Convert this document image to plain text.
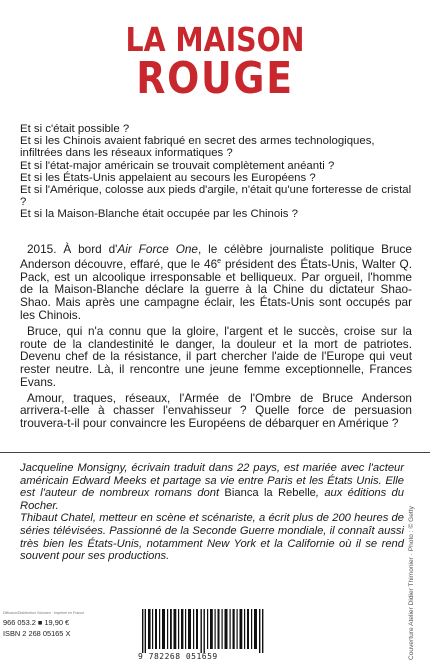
LA MAISON
ROUGE
Et si c'était possible ?
Et si les Chinois avaient fabriqué en secret des armes technologiques, infiltrées dans les réseaux informatiques ?
Et si l'état-major américain se trouvait complètement anéanti ?
Et si les États-Unis appelaient au secours les Européens ?
Et si l'Amérique, colosse aux pieds d'argile, n'était qu'une forteresse de cristal ?
Et si la Maison-Blanche était occupée par les Chinois ?

2015. À bord d'Air Force One, le célèbre journaliste politique Bruce Anderson découvre, effaré, que le 46e président des États-Unis, Walter Q. Pack, est un alcoolique irresponsable et belliqueux. Par orgueil, l'homme de la Maison-Blanche déclare la guerre à la Chine du dictateur Shao-Shao. Mais après une campagne éclair, les États-Unis sont occupés par les Chinois.

Bruce, qui n'a connu que la gloire, l'argent et le succès, croise sur la route de la clandestinité le danger, la douleur et la mort de patriotes. Devenu chef de la résistance, il part chercher l'aide de l'Europe qui veut rester neutre. Là, il rencontre une jeune femme exceptionnelle, Frances Evans.

Amour, traques, réseaux, l'Armée de l'Ombre de Bruce Anderson arrivera-t-elle à chasser l'envahisseur ? Quelle force de persuasion trouvera-t-il pour convaincre les Européens de débarquer en Amérique ?

Jacqueline Monsigny, écrivain traduit dans 22 pays, est mariée avec l'acteur américain Edward Meeks et partage sa vie entre Paris et les États Unis. Elle est l'auteur de nombreux romans dont Bianca la Rebelle, aux éditions du Rocher.

Thibaut Chatel, metteur en scène et scénariste, a écrit plus de 200 heures de séries télévisées. Passionné de la Seconde Guerre mondiale, il connaît aussi très bien les États-Unis, notamment New York et la Californie où il se rend souvent pour ses productions.	Couverture Atelier Didier Thimonier · Photo : © Getty
Diffusion/Distribution Volumen · Imprimé en France
966 053.2 ■ 19,90 €
ISBN 2 268 05165 X
9 782268 051659
